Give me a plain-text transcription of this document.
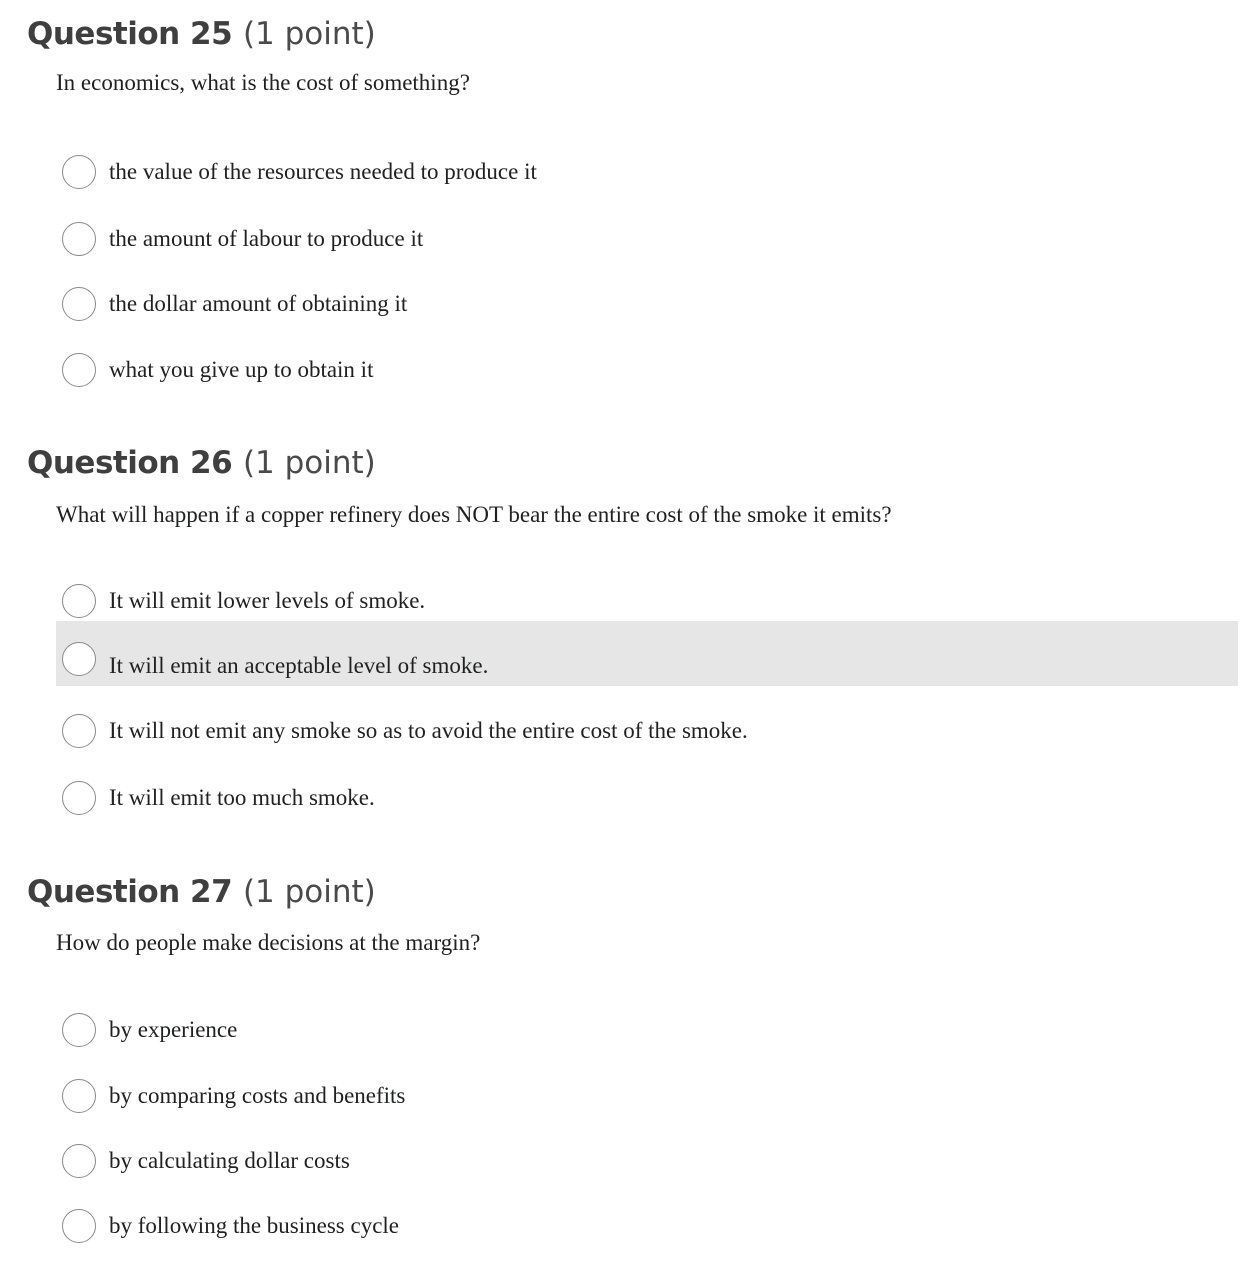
Question 25 (1 point)
In economics, what is the cost of something?
the value of the resources needed to produce it
the amount of labour to produce it
the dollar amount of obtaining it
what you give up to obtain it
Question 26 (1 point)
What will happen if a copper refinery does NOT bear the entire cost of the smoke it emits?
It will emit lower levels of smoke.
It will emit an acceptable level of smoke.
It will not emit any smoke so as to avoid the entire cost of the smoke.
It will emit too much smoke.
Question 27 (1 point)
How do people make decisions at the margin?
by experience
by comparing costs and benefits
by calculating dollar costs
by following the business cycle
